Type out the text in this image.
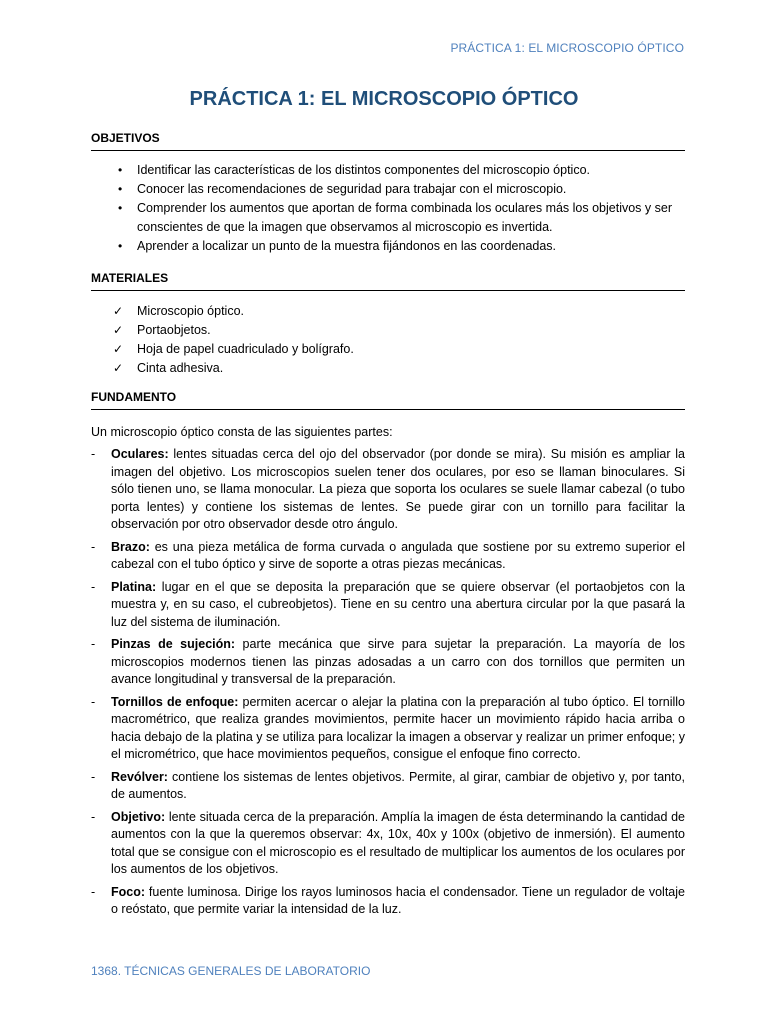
PRÁCTICA 1: EL MICROSCOPIO ÓPTICO
PRÁCTICA 1: EL MICROSCOPIO ÓPTICO
OBJETIVOS
• Identificar las características de los distintos componentes del microscopio óptico.
• Conocer las recomendaciones de seguridad para trabajar con el microscopio.
• Comprender los aumentos que aportan de forma combinada los oculares más los objetivos y ser conscientes de que la imagen que observamos al microscopio es invertida.
• Aprender a localizar un punto de la muestra fijándonos en las coordenadas.
MATERIALES
✓ Microscopio óptico.
✓ Portaobjetos.
✓ Hoja de papel cuadriculado y bolígrafo.
✓ Cinta adhesiva.
FUNDAMENTO
Un microscopio óptico consta de las siguientes partes:
- Oculares: lentes situadas cerca del ojo del observador (por donde se mira). Su misión es ampliar la imagen del objetivo. Los microscopios suelen tener dos oculares, por eso se llaman binoculares. Si sólo tienen uno, se llama monocular. La pieza que soporta los oculares se suele llamar cabezal (o tubo porta lentes) y contiene los sistemas de lentes. Se puede girar con un tornillo para facilitar la observación por otro observador desde otro ángulo.
- Brazo: es una pieza metálica de forma curvada o angulada que sostiene por su extremo superior el cabezal con el tubo óptico y sirve de soporte a otras piezas mecánicas.
- Platina: lugar en el que se deposita la preparación que se quiere observar (el portaobjetos con la muestra y, en su caso, el cubreobjetos). Tiene en su centro una abertura circular por la que pasará la luz del sistema de iluminación.
- Pinzas de sujeción: parte mecánica que sirve para sujetar la preparación. La mayoría de los microscopios modernos tienen las pinzas adosadas a un carro con dos tornillos que permiten un avance longitudinal y transversal de la preparación.
- Tornillos de enfoque: permiten acercar o alejar la platina con la preparación al tubo óptico. El tornillo macrométrico, que realiza grandes movimientos, permite hacer un movimiento rápido hacia arriba o hacia debajo de la platina y se utiliza para localizar la imagen a observar y realizar un primer enfoque; y el micrométrico, que hace movimientos pequeños, consigue el enfoque fino correcto.
- Revólver: contiene los sistemas de lentes objetivos. Permite, al girar, cambiar de objetivo y, por tanto, de aumentos.
- Objetivo: lente situada cerca de la preparación. Amplía la imagen de ésta determinando la cantidad de aumentos con la que la queremos observar: 4x, 10x, 40x y 100x (objetivo de inmersión). El aumento total que se consigue con el microscopio es el resultado de multiplicar los aumentos de los oculares por los aumentos de los objetivos.
- Foco: fuente luminosa. Dirige los rayos luminosos hacia el condensador. Tiene un regulador de voltaje o reóstato, que permite variar la intensidad de la luz.
1368. TÉCNICAS GENERALES DE LABORATORIO
